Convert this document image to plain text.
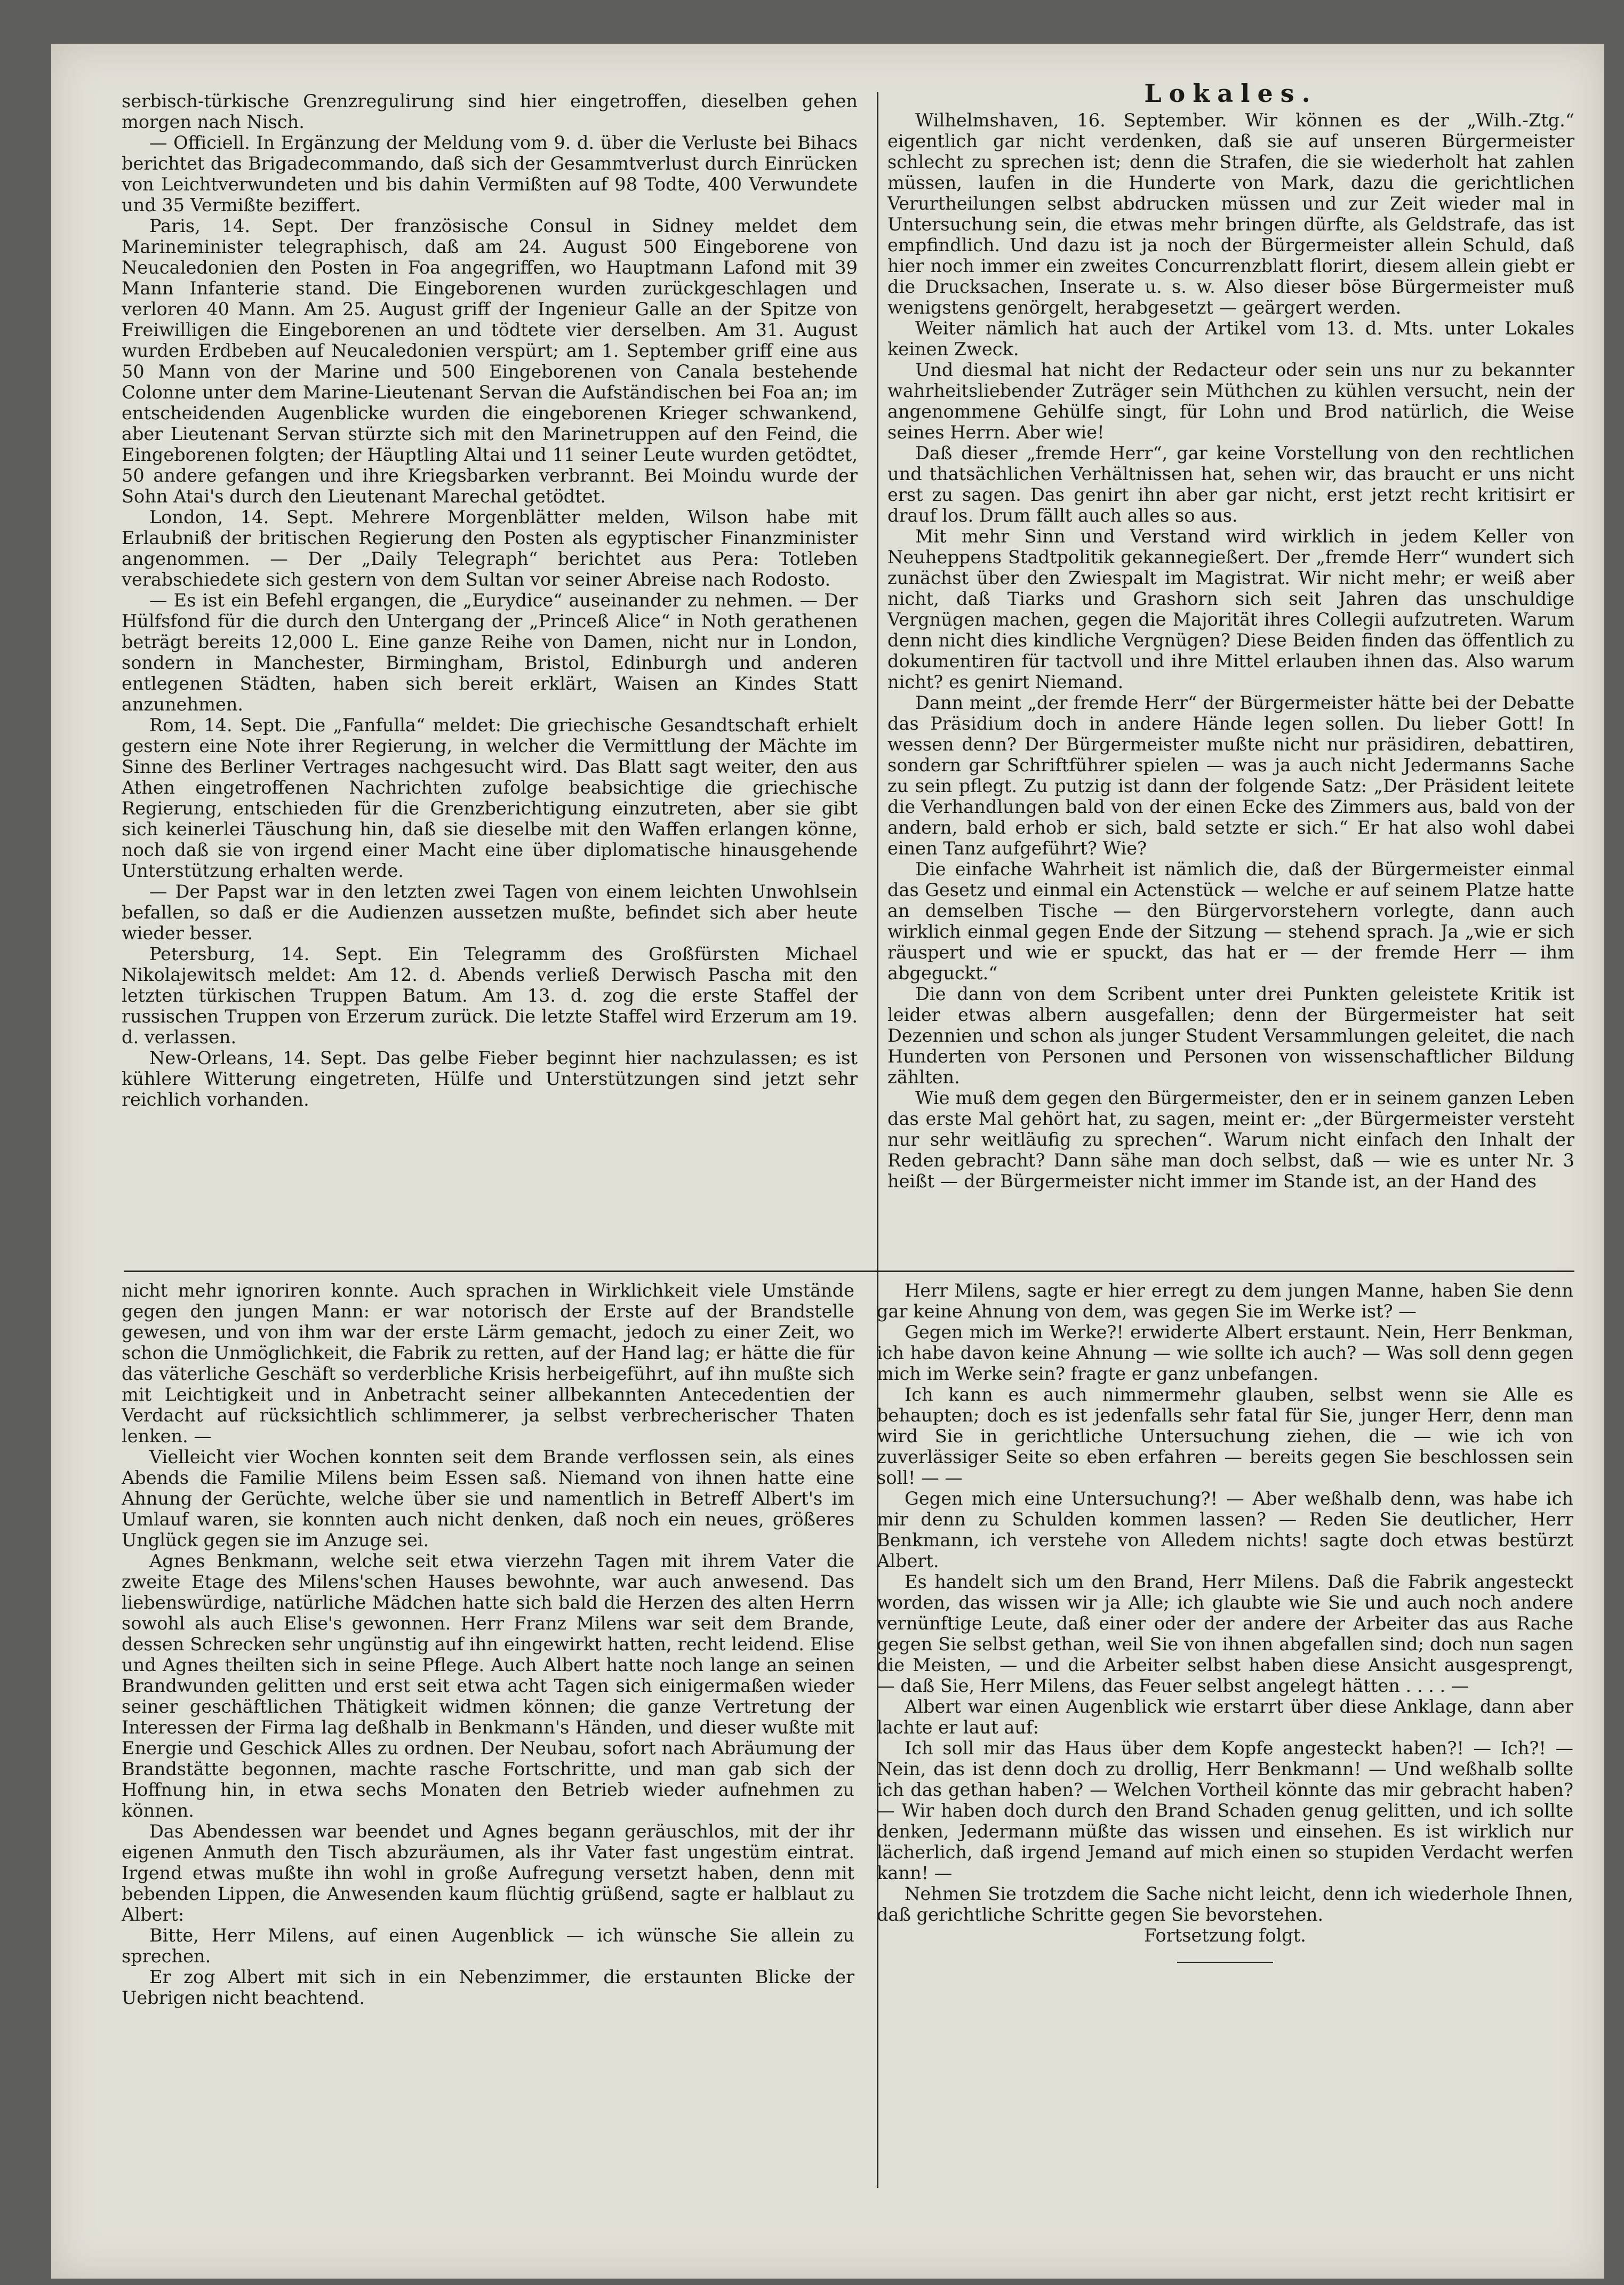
serbisch-türkische Grenzregulirung sind hier eingetroffen, dieselben gehen morgen nach Nisch.

— Officiell. In Ergänzung der Meldung vom 9. d. über die Verluste bei Bihacs berichtet das Brigadecommando, daß sich der Gesammtverlust durch Einrücken von Leichtverwundeten und bis dahin Vermißten auf 98 Todte, 400 Verwundete und 35 Vermißte beziffert.

Paris, 14. Sept. Der französische Consul in Sidney meldet dem Marineminister telegraphisch, daß am 24. August 500 Eingeborene von Neucaledonien den Posten in Foa angegriffen, wo Hauptmann Lafond mit 39 Mann Infanterie stand. Die Eingeborenen wurden zurückgeschlagen und verloren 40 Mann. Am 25. August griff der Ingenieur Galle an der Spitze von Freiwilligen die Eingeborenen an und tödtete vier derselben. Am 31. August wurden Erdbeben auf Neucaledonien verspürt; am 1. September griff eine aus 50 Mann von der Marine und 500 Eingeborenen von Canala bestehende Colonne unter dem Marine-Lieutenant Servan die Aufständischen bei Foa an; im entscheidenden Augenblicke wurden die eingeborenen Krieger schwankend, aber Lieutenant Servan stürzte sich mit den Marinetruppen auf den Feind, die Eingeborenen folgten; der Häuptling Altai und 11 seiner Leute wurden getödtet, 50 andere gefangen und ihre Kriegsbarken verbrannt. Bei Moindu wurde der Sohn Atai's durch den Lieutenant Marechal getödtet.

London, 14. Sept. Mehrere Morgenblätter melden, Wilson habe mit Erlaubniß der britischen Regierung den Posten als egyptischer Finanzminister angenommen. — Der „Daily Telegraph“ berichtet aus Pera: Totleben verabschiedete sich gestern von dem Sultan vor seiner Abreise nach Rodosto.

— Es ist ein Befehl ergangen, die „Eurydice“ auseinander zu nehmen. — Der Hülfsfond für die durch den Untergang der „Princeß Alice“ in Noth gerathenen beträgt bereits 12,000 L. Eine ganze Reihe von Damen, nicht nur in London, sondern in Manchester, Birmingham, Bristol, Edinburgh und anderen entlegenen Städten, haben sich bereit erklärt, Waisen an Kindes Statt anzunehmen.

Rom, 14. Sept. Die „Fanfulla“ meldet: Die griechische Gesandtschaft erhielt gestern eine Note ihrer Regierung, in welcher die Vermittlung der Mächte im Sinne des Berliner Vertrages nachgesucht wird. Das Blatt sagt weiter, den aus Athen eingetroffenen Nachrichten zufolge beabsichtige die griechische Regierung, entschieden für die Grenzberichtigung einzutreten, aber sie gibt sich keinerlei Täuschung hin, daß sie dieselbe mit den Waffen erlangen könne, noch daß sie von irgend einer Macht eine über diplomatische hinausgehende Unterstützung erhalten werde.

— Der Papst war in den letzten zwei Tagen von einem leichten Unwohlsein befallen, so daß er die Audienzen aussetzen mußte, befindet sich aber heute wieder besser.

Petersburg, 14. Sept. Ein Telegramm des Großfürsten Michael Nikolajewitsch meldet: Am 12. d. Abends verließ Derwisch Pascha mit den letzten türkischen Truppen Batum. Am 13. d. zog die erste Staffel der russischen Truppen von Erzerum zurück. Die letzte Staffel wird Erzerum am 19. d. verlassen.

New-Orleans, 14. Sept. Das gelbe Fieber beginnt hier nachzulassen; es ist kühlere Witterung eingetreten, Hülfe und Unterstützungen sind jetzt sehr reichlich vorhanden.

Lokales.

Wilhelmshaven, 16. September. Wir können es der „Wilh.-Ztg.“ eigentlich gar nicht verdenken, daß sie auf unseren Bürgermeister schlecht zu sprechen ist; denn die Strafen, die sie wiederholt hat zahlen müssen, laufen in die Hunderte von Mark, dazu die gerichtlichen Verurtheilungen selbst abdrucken müssen und zur Zeit wieder mal in Untersuchung sein, die etwas mehr bringen dürfte, als Geldstrafe, das ist empfindlich. Und dazu ist ja noch der Bürgermeister allein Schuld, daß hier noch immer ein zweites Concurrenzblatt florirt, diesem allein giebt er die Drucksachen, Inserate u. s. w. Also dieser böse Bürgermeister muß wenigstens genörgelt, herabgesetzt — geärgert werden.

Weiter nämlich hat auch der Artikel vom 13. d. Mts. unter Lokales keinen Zweck.

Und diesmal hat nicht der Redacteur oder sein uns nur zu bekannter wahrheitsliebender Zuträger sein Müthchen zu kühlen versucht, nein der angenommene Gehülfe singt, für Lohn und Brod natürlich, die Weise seines Herrn. Aber wie!

Daß dieser „fremde Herr“, gar keine Vorstellung von den rechtlichen und thatsächlichen Verhältnissen hat, sehen wir, das braucht er uns nicht erst zu sagen. Das genirt ihn aber gar nicht, erst jetzt recht kritisirt er drauf los. Drum fällt auch alles so aus.

Mit mehr Sinn und Verstand wird wirklich in jedem Keller von Neuheppens Stadtpolitik gekannegießert. Der „fremde Herr“ wundert sich zunächst über den Zwiespalt im Magistrat. Wir nicht mehr; er weiß aber nicht, daß Tiarks und Grashorn sich seit Jahren das unschuldige Vergnügen machen, gegen die Majorität ihres Collegii aufzutreten. Warum denn nicht dies kindliche Vergnügen? Diese Beiden finden das öffentlich zu dokumentiren für tactvoll und ihre Mittel erlauben ihnen das. Also warum nicht? es genirt Niemand.

Dann meint „der fremde Herr“ der Bürgermeister hätte bei der Debatte das Präsidium doch in andere Hände legen sollen. Du lieber Gott! In wessen denn? Der Bürgermeister mußte nicht nur präsidiren, debattiren, sondern gar Schriftführer spielen — was ja auch nicht Jedermanns Sache zu sein pflegt. Zu putzig ist dann der folgende Satz: „Der Präsident leitete die Verhandlungen bald von der einen Ecke des Zimmers aus, bald von der andern, bald erhob er sich, bald setzte er sich.“ Er hat also wohl dabei einen Tanz aufgeführt? Wie?

Die einfache Wahrheit ist nämlich die, daß der Bürgermeister einmal das Gesetz und einmal ein Actenstück — welche er auf seinem Platze hatte an demselben Tische — den Bürgervorstehern vorlegte, dann auch wirklich einmal gegen Ende der Sitzung — stehend sprach. Ja „wie er sich räuspert und wie er spuckt, das hat er — der fremde Herr — ihm abgeguckt.“

Die dann von dem Scribent unter drei Punkten geleistete Kritik ist leider etwas albern ausgefallen; denn der Bürgermeister hat seit Dezennien und schon als junger Student Versammlungen geleitet, die nach Hunderten von Personen und Personen von wissenschaftlicher Bildung zählten.

Wie muß dem gegen den Bürgermeister, den er in seinem ganzen Leben das erste Mal gehört hat, zu sagen, meint er: „der Bürgermeister versteht nur sehr weitläufig zu sprechen“. Warum nicht einfach den Inhalt der Reden gebracht? Dann sähe man doch selbst, daß — wie es unter Nr. 3 heißt — der Bürgermeister nicht immer im Stande ist, an der Hand des

nicht mehr ignoriren konnte. Auch sprachen in Wirklichkeit viele Umstände gegen den jungen Mann: er war notorisch der Erste auf der Brandstelle gewesen, und von ihm war der erste Lärm gemacht, jedoch zu einer Zeit, wo schon die Unmöglichkeit, die Fabrik zu retten, auf der Hand lag; er hätte die für das väterliche Geschäft so verderbliche Krisis herbeigeführt, auf ihn mußte sich mit Leichtigkeit und in Anbetracht seiner allbekannten Antecedentien der Verdacht auf rücksichtlich schlimmerer, ja selbst verbrecherischer Thaten lenken. —

Vielleicht vier Wochen konnten seit dem Brande verflossen sein, als eines Abends die Familie Milens beim Essen saß. Niemand von ihnen hatte eine Ahnung der Gerüchte, welche über sie und namentlich in Betreff Albert's im Umlauf waren, sie konnten auch nicht denken, daß noch ein neues, größeres Unglück gegen sie im Anzuge sei.

Agnes Benkmann, welche seit etwa vierzehn Tagen mit ihrem Vater die zweite Etage des Milens'schen Hauses bewohnte, war auch anwesend. Das liebenswürdige, natürliche Mädchen hatte sich bald die Herzen des alten Herrn sowohl als auch Elise's gewonnen. Herr Franz Milens war seit dem Brande, dessen Schrecken sehr ungünstig auf ihn eingewirkt hatten, recht leidend. Elise und Agnes theilten sich in seine Pflege. Auch Albert hatte noch lange an seinen Brandwunden gelitten und erst seit etwa acht Tagen sich einigermaßen wieder seiner geschäftlichen Thätigkeit widmen können; die ganze Vertretung der Interessen der Firma lag deßhalb in Benkmann's Händen, und dieser wußte mit Energie und Geschick Alles zu ordnen. Der Neubau, sofort nach Abräumung der Brandstätte begonnen, machte rasche Fortschritte, und man gab sich der Hoffnung hin, in etwa sechs Monaten den Betrieb wieder aufnehmen zu können.

Das Abendessen war beendet und Agnes begann geräuschlos, mit der ihr eigenen Anmuth den Tisch abzuräumen, als ihr Vater fast ungestüm eintrat. Irgend etwas mußte ihn wohl in große Aufregung versetzt haben, denn mit bebenden Lippen, die Anwesenden kaum flüchtig grüßend, sagte er halblaut zu Albert:

Bitte, Herr Milens, auf einen Augenblick — ich wünsche Sie allein zu sprechen.

Er zog Albert mit sich in ein Nebenzimmer, die erstaunten Blicke der Uebrigen nicht beachtend.

Herr Milens, sagte er hier erregt zu dem jungen Manne, haben Sie denn gar keine Ahnung von dem, was gegen Sie im Werke ist? —

Gegen mich im Werke?! erwiderte Albert erstaunt. Nein, Herr Benkman, ich habe davon keine Ahnung — wie sollte ich auch? — Was soll denn gegen mich im Werke sein? fragte er ganz unbefangen.

Ich kann es auch nimmermehr glauben, selbst wenn sie Alle es behaupten; doch es ist jedenfalls sehr fatal für Sie, junger Herr, denn man wird Sie in gerichtliche Untersuchung ziehen, die — wie ich von zuverlässiger Seite so eben erfahren — bereits gegen Sie beschlossen sein soll! — —

Gegen mich eine Untersuchung?! — Aber weßhalb denn, was habe ich mir denn zu Schulden kommen lassen? — Reden Sie deutlicher, Herr Benkmann, ich verstehe von Alledem nichts! sagte doch etwas bestürzt Albert.

Es handelt sich um den Brand, Herr Milens. Daß die Fabrik angesteckt worden, das wissen wir ja Alle; ich glaubte wie Sie und auch noch andere vernünftige Leute, daß einer oder der andere der Arbeiter das aus Rache gegen Sie selbst gethan, weil Sie von ihnen abgefallen sind; doch nun sagen die Meisten, — und die Arbeiter selbst haben diese Ansicht ausgesprengt, — daß Sie, Herr Milens, das Feuer selbst angelegt hätten . . . . —

Albert war einen Augenblick wie erstarrt über diese Anklage, dann aber lachte er laut auf:

Ich soll mir das Haus über dem Kopfe angesteckt haben?! — Ich?! — Nein, das ist denn doch zu drollig, Herr Benkmann! — Und weßhalb sollte ich das gethan haben? — Welchen Vortheil könnte das mir gebracht haben? — Wir haben doch durch den Brand Schaden genug gelitten, und ich sollte denken, Jedermann müßte das wissen und einsehen. Es ist wirklich nur lächerlich, daß irgend Jemand auf mich einen so stupiden Verdacht werfen kann! —

Nehmen Sie trotzdem die Sache nicht leicht, denn ich wiederhole Ihnen, daß gerichtliche Schritte gegen Sie bevorstehen.

Fortsetzung folgt.
